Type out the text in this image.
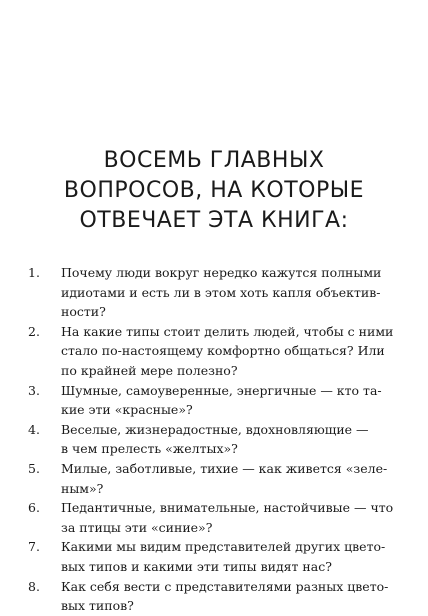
ВОСЕМЬ ГЛАВНЫХ
ВОПРОСОВ, НА КОТОРЫЕ
ОТВЕЧАЕТ ЭТА КНИГА:
1.	Почему люди вокруг нередко кажутся полными
идиотами и есть ли в этом хоть капля объектив-
ности?
2.	На какие типы стоит делить людей, чтобы с ними
стало по-настоящему комфортно общаться? Или
по крайней мере полезно?
3.	Шумные, самоуверенные, энергичные — кто та-
кие эти «красные»?
4.	Веселые, жизнерадостные, вдохновляющие —
в чем прелесть «желтых»?
5.	Милые, заботливые, тихие — как живется «зеле-
ным»?
6.	Педантичные, внимательные, настойчивые — что
за птицы эти «синие»?
7.	Какими мы видим представителей других цвето-
вых типов и какими эти типы видят нас?
8.	Как себя вести с представителями разных цвето-
вых типов?
